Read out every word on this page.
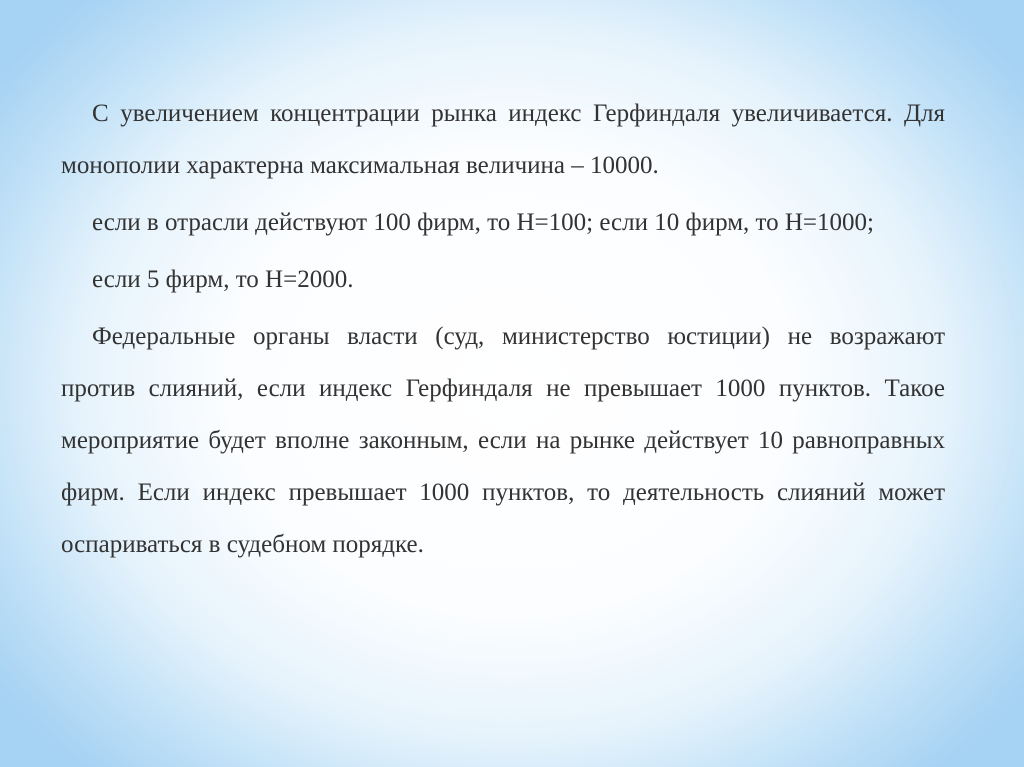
С увеличением концентрации рынка индекс Герфиндаля увеличивается. Для монополии характерна максимальная величина – 10000.

если в отрасли действуют 100 фирм, то Н=100; если 10 фирм, то Н=1000;

если 5 фирм, то Н=2000.

Федеральные органы власти (суд, министерство юстиции) не возражают против слияний, если индекс Герфиндаля не превышает 1000 пунктов. Такое мероприятие будет вполне законным, если на рынке действует 10 равноправных фирм. Если индекс превышает 1000 пунктов, то деятельность слияний может оспариваться в судебном порядке.
